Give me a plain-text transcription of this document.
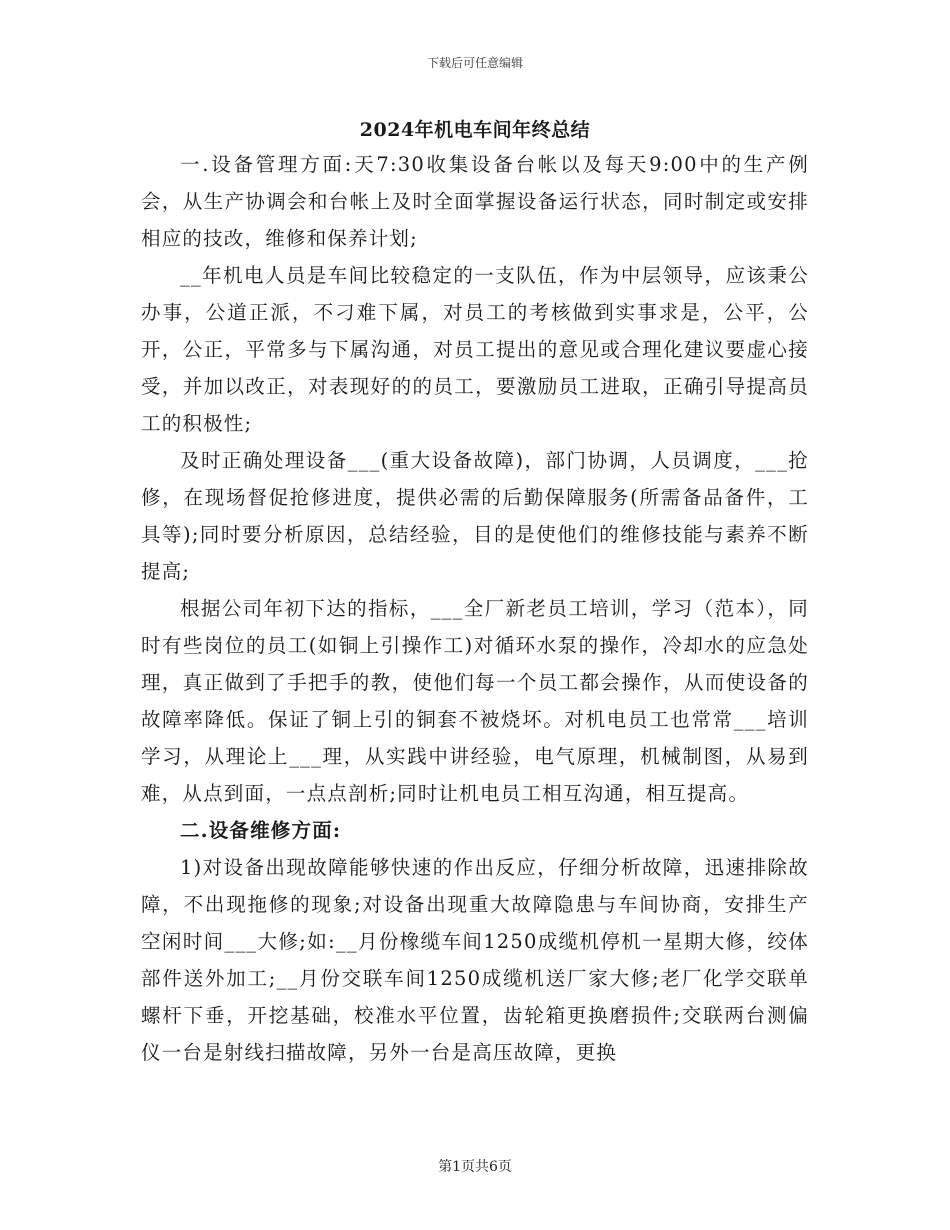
下载后可任意编辑
2024年机电车间年终总结

一.设备管理方面:天7:30收集设备台帐以及每天9:00中的生产例会，从生产协调会和台帐上及时全面掌握设备运行状态，同时制定或安排相应的技改，维修和保养计划;

__年机电人员是车间比较稳定的一支队伍，作为中层领导，应该秉公办事，公道正派，不刁难下属，对员工的考核做到实事求是，公平，公开，公正，平常多与下属沟通，对员工提出的意见或合理化建议要虚心接受，并加以改正，对表现好的的员工，要激励员工进取，正确引导提高员工的积极性;

及时正确处理设备___(重大设备故障)，部门协调，人员调度，___抢修，在现场督促抢修进度，提供必需的后勤保障服务(所需备品备件，工具等);同时要分析原因，总结经验，目的是使他们的维修技能与素养不断提高;

根据公司年初下达的指标，___全厂新老员工培训，学习（范本），同时有些岗位的员工(如铜上引操作工)对循环水泵的操作，冷却水的应急处理，真正做到了手把手的教，使他们每一个员工都会操作，从而使设备的故障率降低。保证了铜上引的铜套不被烧坏。对机电员工也常常___培训学习，从理论上___理，从实践中讲经验，电气原理，机械制图，从易到难，从点到面，一点点剖析;同时让机电员工相互沟通，相互提高。

二.设备维修方面:

1)对设备出现故障能够快速的作出反应，仔细分析故障，迅速排除故障，不出现拖修的现象;对设备出现重大故障隐患与车间协商，安排生产空闲时间___大修;如:__月份橡缆车间1250成缆机停机一星期大修，绞体部件送外加工;__月份交联车间1250成缆机送厂家大修;老厂化学交联单螺杆下垂，开挖基础，校准水平位置，齿轮箱更换磨损件;交联两台测偏仪一台是射线扫描故障，另外一台是高压故障，更换

第1页共6页
